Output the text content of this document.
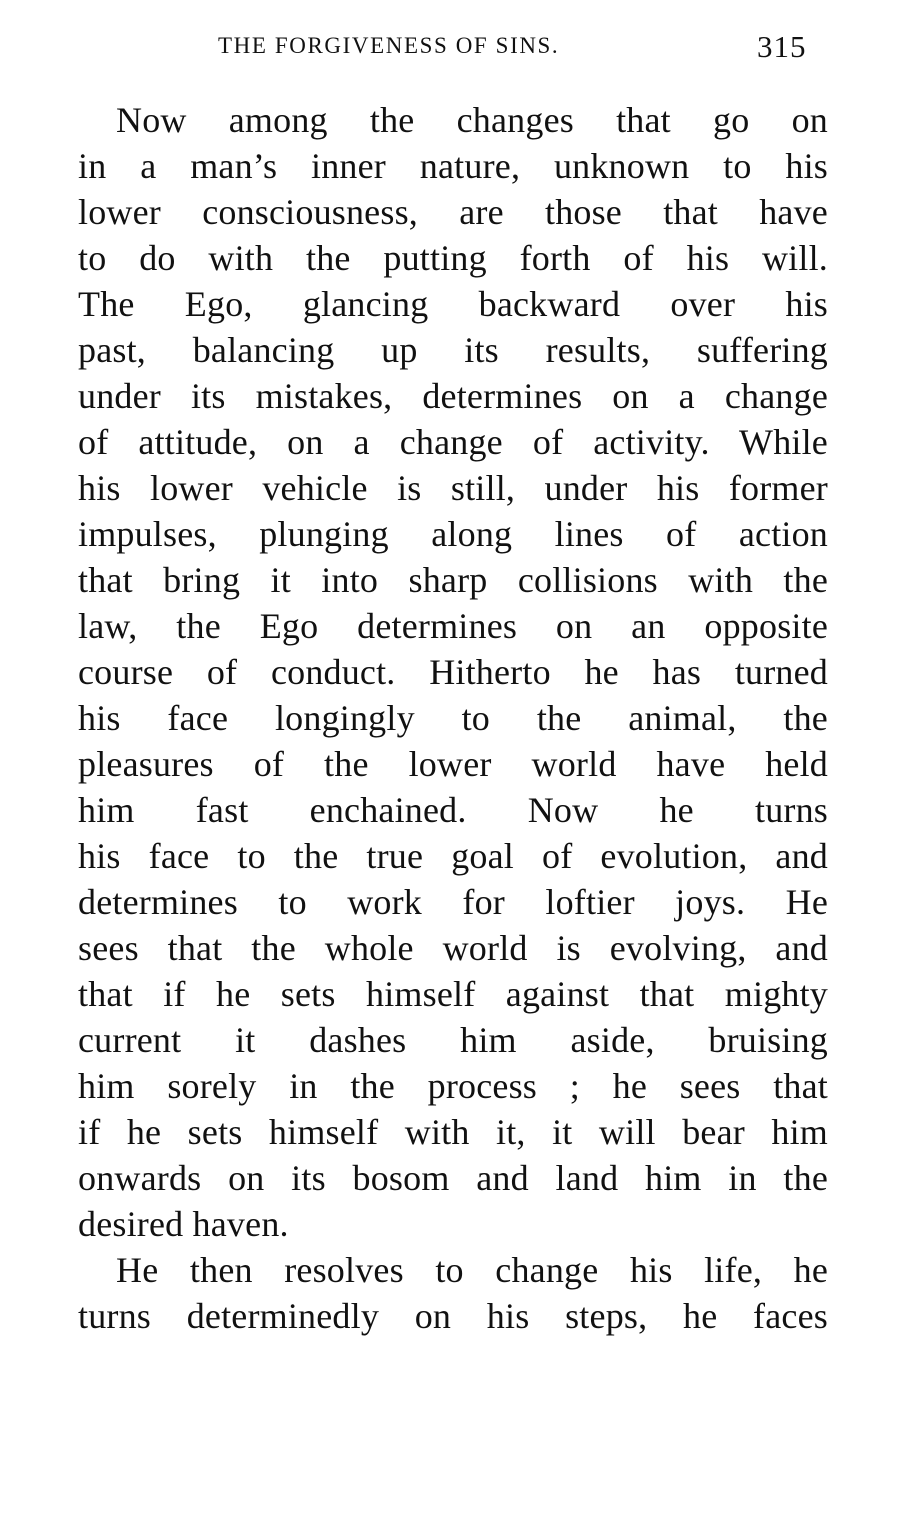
THE FORGIVENESS OF SINS.	315
Now among the changes that go on
in a man’s inner nature, unknown to his
lower consciousness, are those that have
to do with the putting forth of his will.
The Ego, glancing backward over his
past, balancing up its results, suffering
under its mistakes, determines on a change
of attitude, on a change of activity. While
his lower vehicle is still, under his former
impulses, plunging along lines of action
that bring it into sharp collisions with the
law, the Ego determines on an opposite
course of conduct. Hitherto he has turned
his face longingly to the animal, the
pleasures of the lower world have held
him fast enchained. Now he turns
his face to the true goal of evolution, and
determines to work for loftier joys. He
sees that the whole world is evolving, and
that if he sets himself against that mighty
current it dashes him aside, bruising
him sorely in the process ; he sees that
if he sets himself with it, it will bear him
onwards on its bosom and land him in the
desired haven.
He then resolves to change his life, he
turns determinedly on his steps, he faces
